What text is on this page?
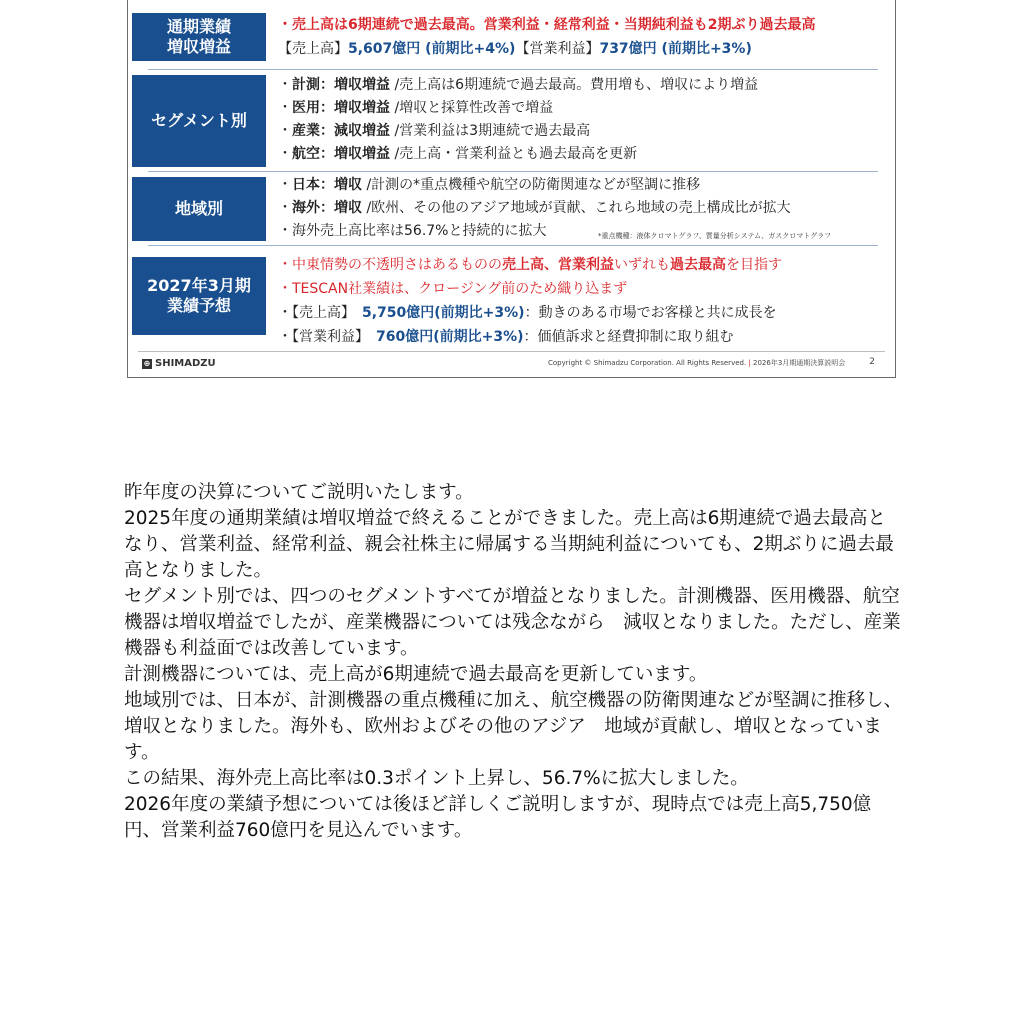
通期業績
増収増益
・売上高は6期連続で過去最高。営業利益・経常利益・当期純利益も2期ぶり過去最高
【売上高】5,607億円 (前期比+4%)【営業利益】737億円 (前期比+3%)
セグメント別
・計測：増収増益 /売上高は6期連続で過去最高。費用増も、増収により増益
・医用：増収増益 /増収と採算性改善で増益
・産業：減収増益 /営業利益は3期連続で過去最高
・航空：増収増益 /売上高・営業利益とも過去最高を更新
地域別
・日本：増収 /計測の*重点機種や航空の防衛関連などが堅調に推移
・海外：増収 /欧州、その他のアジア地域が貢献、これら地域の売上構成比が拡大
・海外売上高比率は56.7%と持続的に拡大	*重点機種：液体クロマトグラフ、質量分析システム、ガスクロマトグラフ
2027年3月期
業績予想
・中東情勢の不透明さはあるものの売上高、営業利益いずれも過去最高を目指す
・TESCAN社業績は、クロージング前のため織り込まず
・【売上高】　5,750億円(前期比+3%)：動きのある市場でお客様と共に成長を
・【営業利益】　760億円(前期比+3%)：価値訴求と経費抑制に取り組む
⊕ SHIMADZU	Copyright © Shimadzu Corporation. All Rights Reserved. | 2026年3月期通期決算説明会	2

昨年度の決算についてご説明いたします。

2025年度の通期業績は増収増益で終えることができました。売上高は6期連続で過去最高となり、営業利益、経常利益、親会社株主に帰属する当期純利益についても、2期ぶりに過去最高となりました。

セグメント別では、四つのセグメントすべてが増益となりました。計測機器、医用機器、航空機器は増収増益でしたが、産業機器については残念ながら　減収となりました。ただし、産業機器も利益面では改善しています。

計測機器については、売上高が6期連続で過去最高を更新しています。

地域別では、日本が、計測機器の重点機種に加え、航空機器の防衛関連などが堅調に推移し、増収となりました。海外も、欧州およびその他のアジア　地域が貢献し、増収となっています。

この結果、海外売上高比率は0.3ポイント上昇し、56.7%に拡大しました。

2026年度の業績予想については後ほど詳しくご説明しますが、現時点では売上高5,750億円、営業利益760億円を見込んでいます。
